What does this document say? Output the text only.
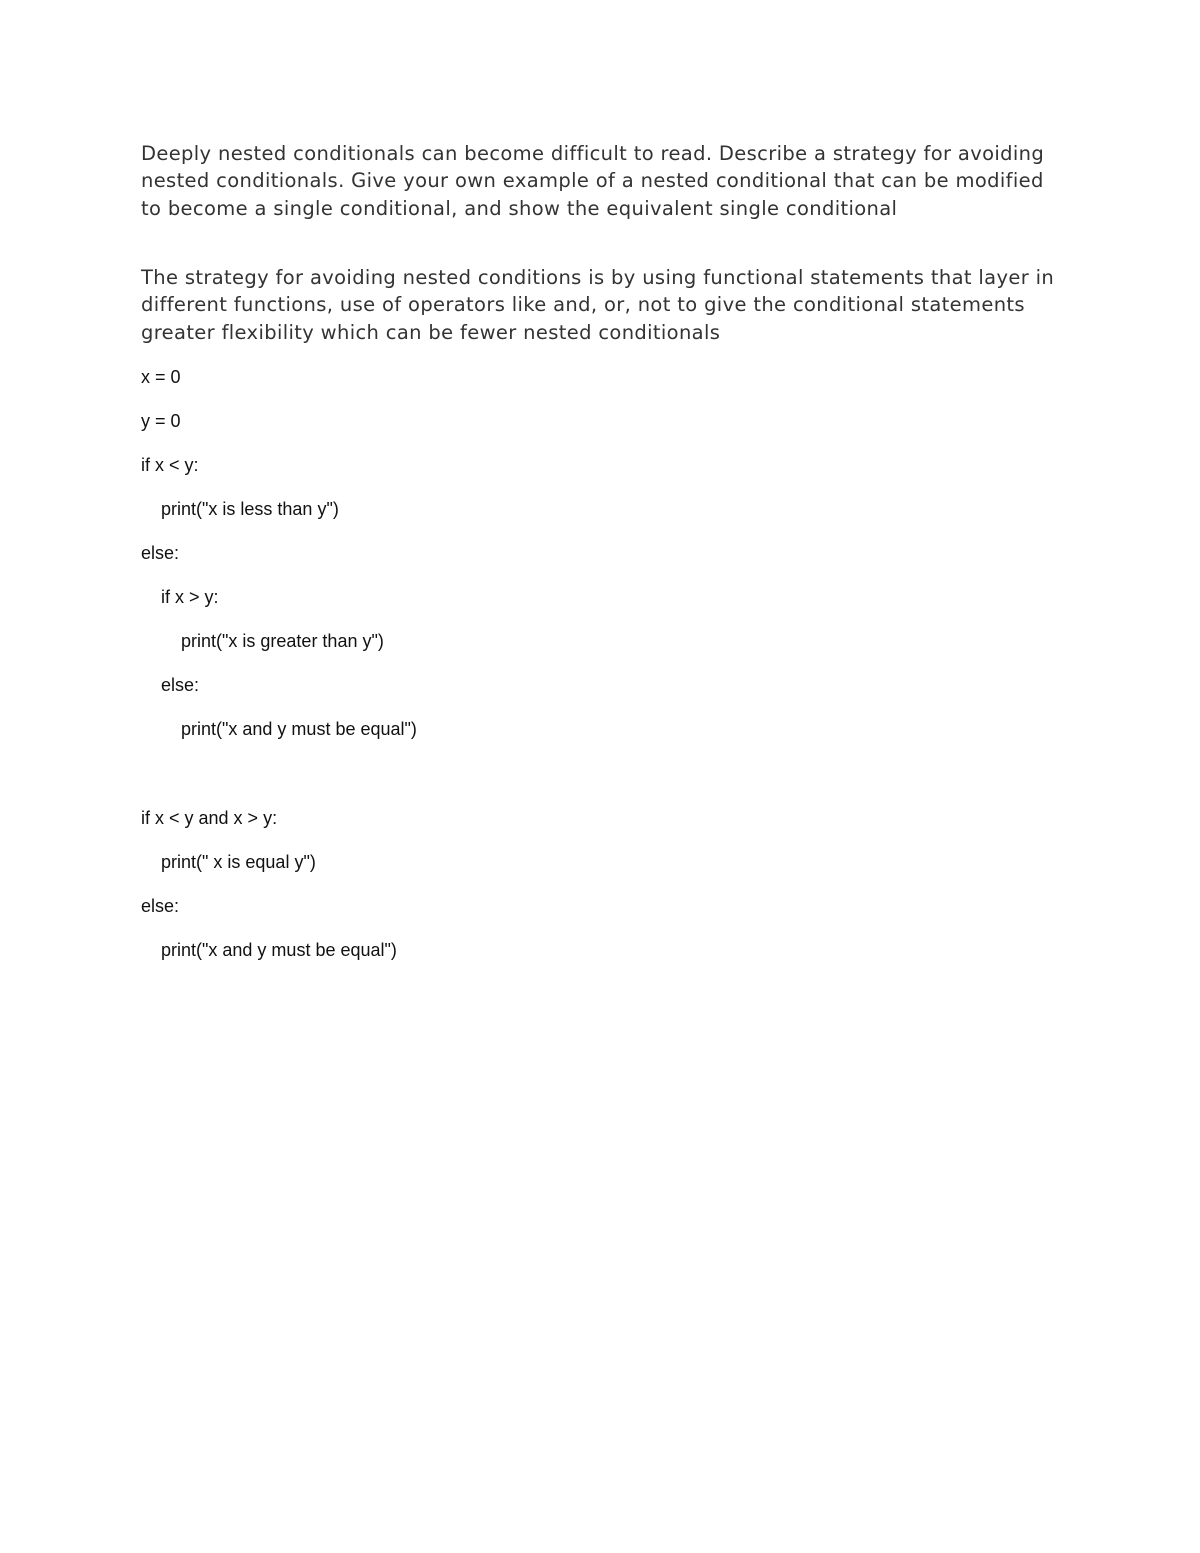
Deeply nested conditionals can become difficult to read. Describe a strategy for avoiding nested conditionals. Give your own example of a nested conditional that can be modified to become a single conditional, and show the equivalent single conditional

The strategy for avoiding nested conditions is by using functional statements that layer in different functions, use of operators like and, or, not to give the conditional statements greater flexibility which can be fewer nested conditionals

x = 0

y = 0

if x < y:

print("x is less than y")

else:

if x > y:

print("x is greater than y")

else:

print("x and y must be equal")

if x < y and x > y:

print(" x is equal y")

else:

print("x and y must be equal")
